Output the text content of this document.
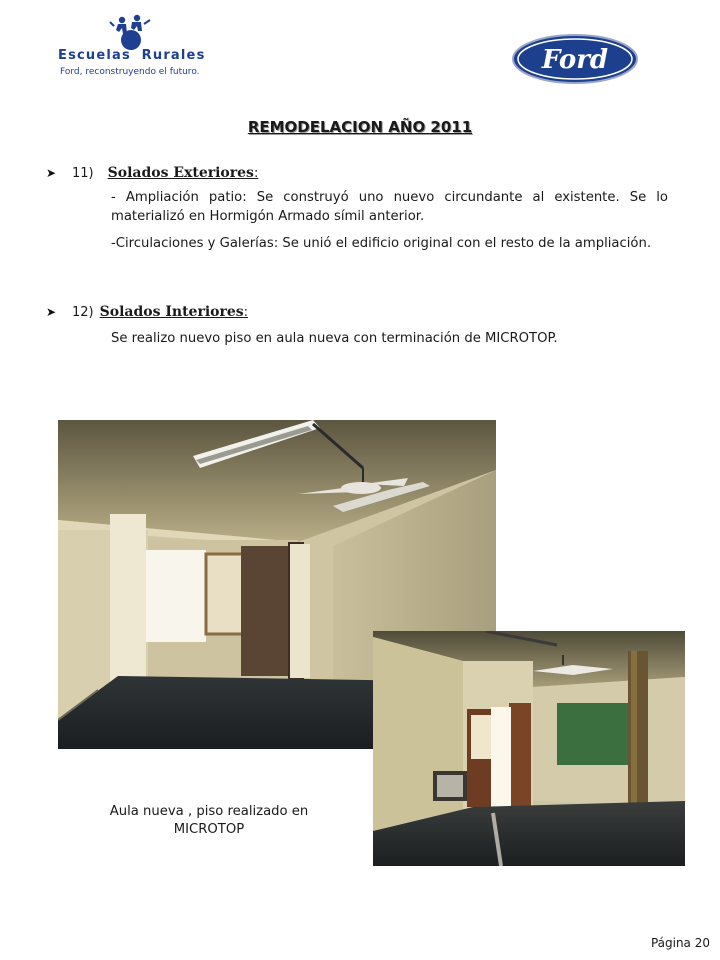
Escuelas Rurales
Ford, reconstruyendo el futuro.	Ford
REMODELACION AÑO 2011
➤	11) Solados Exteriores :

- Ampliación patio: Se construyó uno nuevo circundante al existente. Se lo materializó en Hormigón Armado símil anterior.

-Circulaciones y Galerías: Se unió el edificio original con el resto de la ampliación.

➤	12) Solados Interiores :

Se realizo nuevo piso en aula nueva con terminación de MICROTOP.

Aula nueva , piso realizado en MICROTOP
Página 20
